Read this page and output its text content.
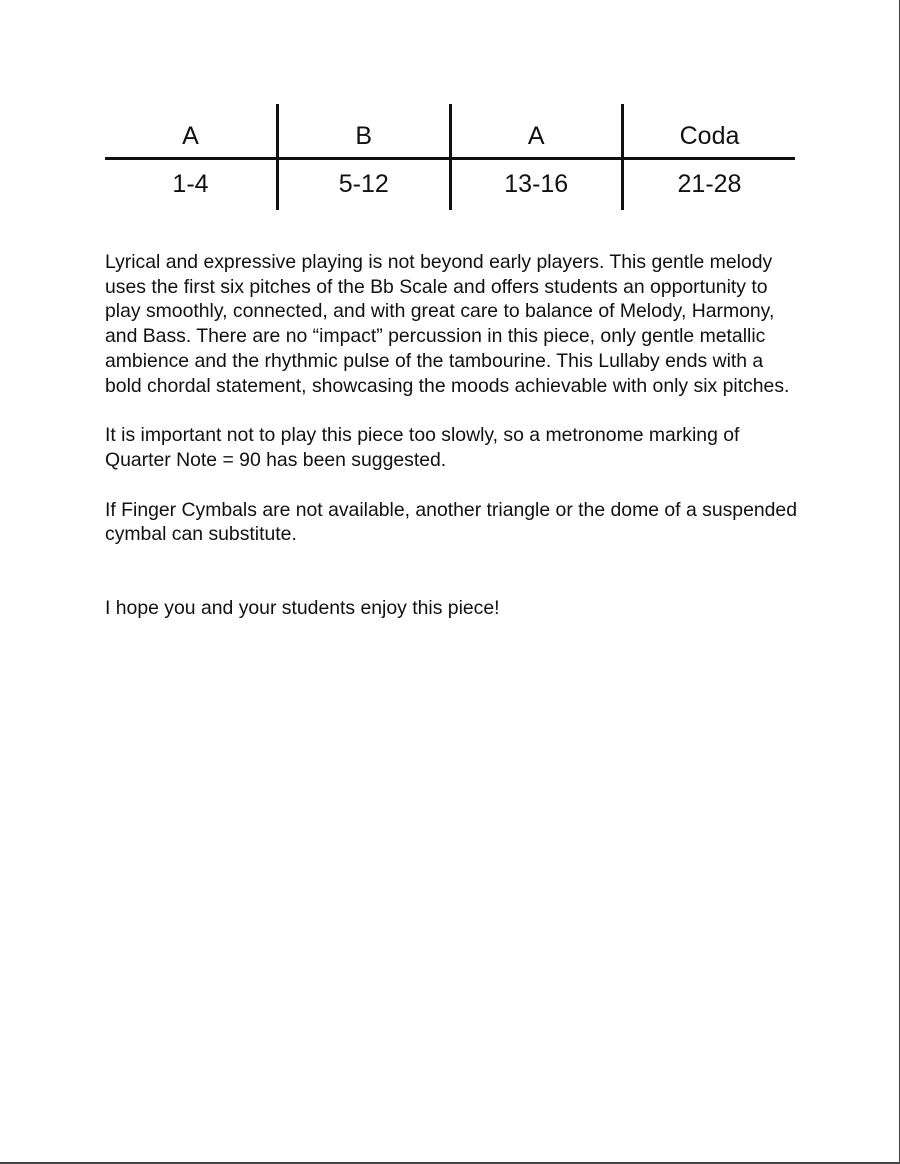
A	B	A	Coda
1-4	5-12	13-16	21-28

Lyrical and expressive playing is not beyond early players. This gentle melody uses the first six pitches of the Bb Scale and offers students an opportunity to play smoothly, connected, and with great care to balance of Melody, Harmony, and Bass. There are no “impact” percussion in this piece, only gentle metallic ambience and the rhythmic pulse of the tambourine. This Lullaby ends with a bold chordal statement, showcasing the moods achievable with only six pitches.

It is important not to play this piece too slowly, so a metronome marking of Quarter Note = 90 has been suggested.

If Finger Cymbals are not available, another triangle or the dome of a suspended cymbal can substitute.

I hope you and your students enjoy this piece!
